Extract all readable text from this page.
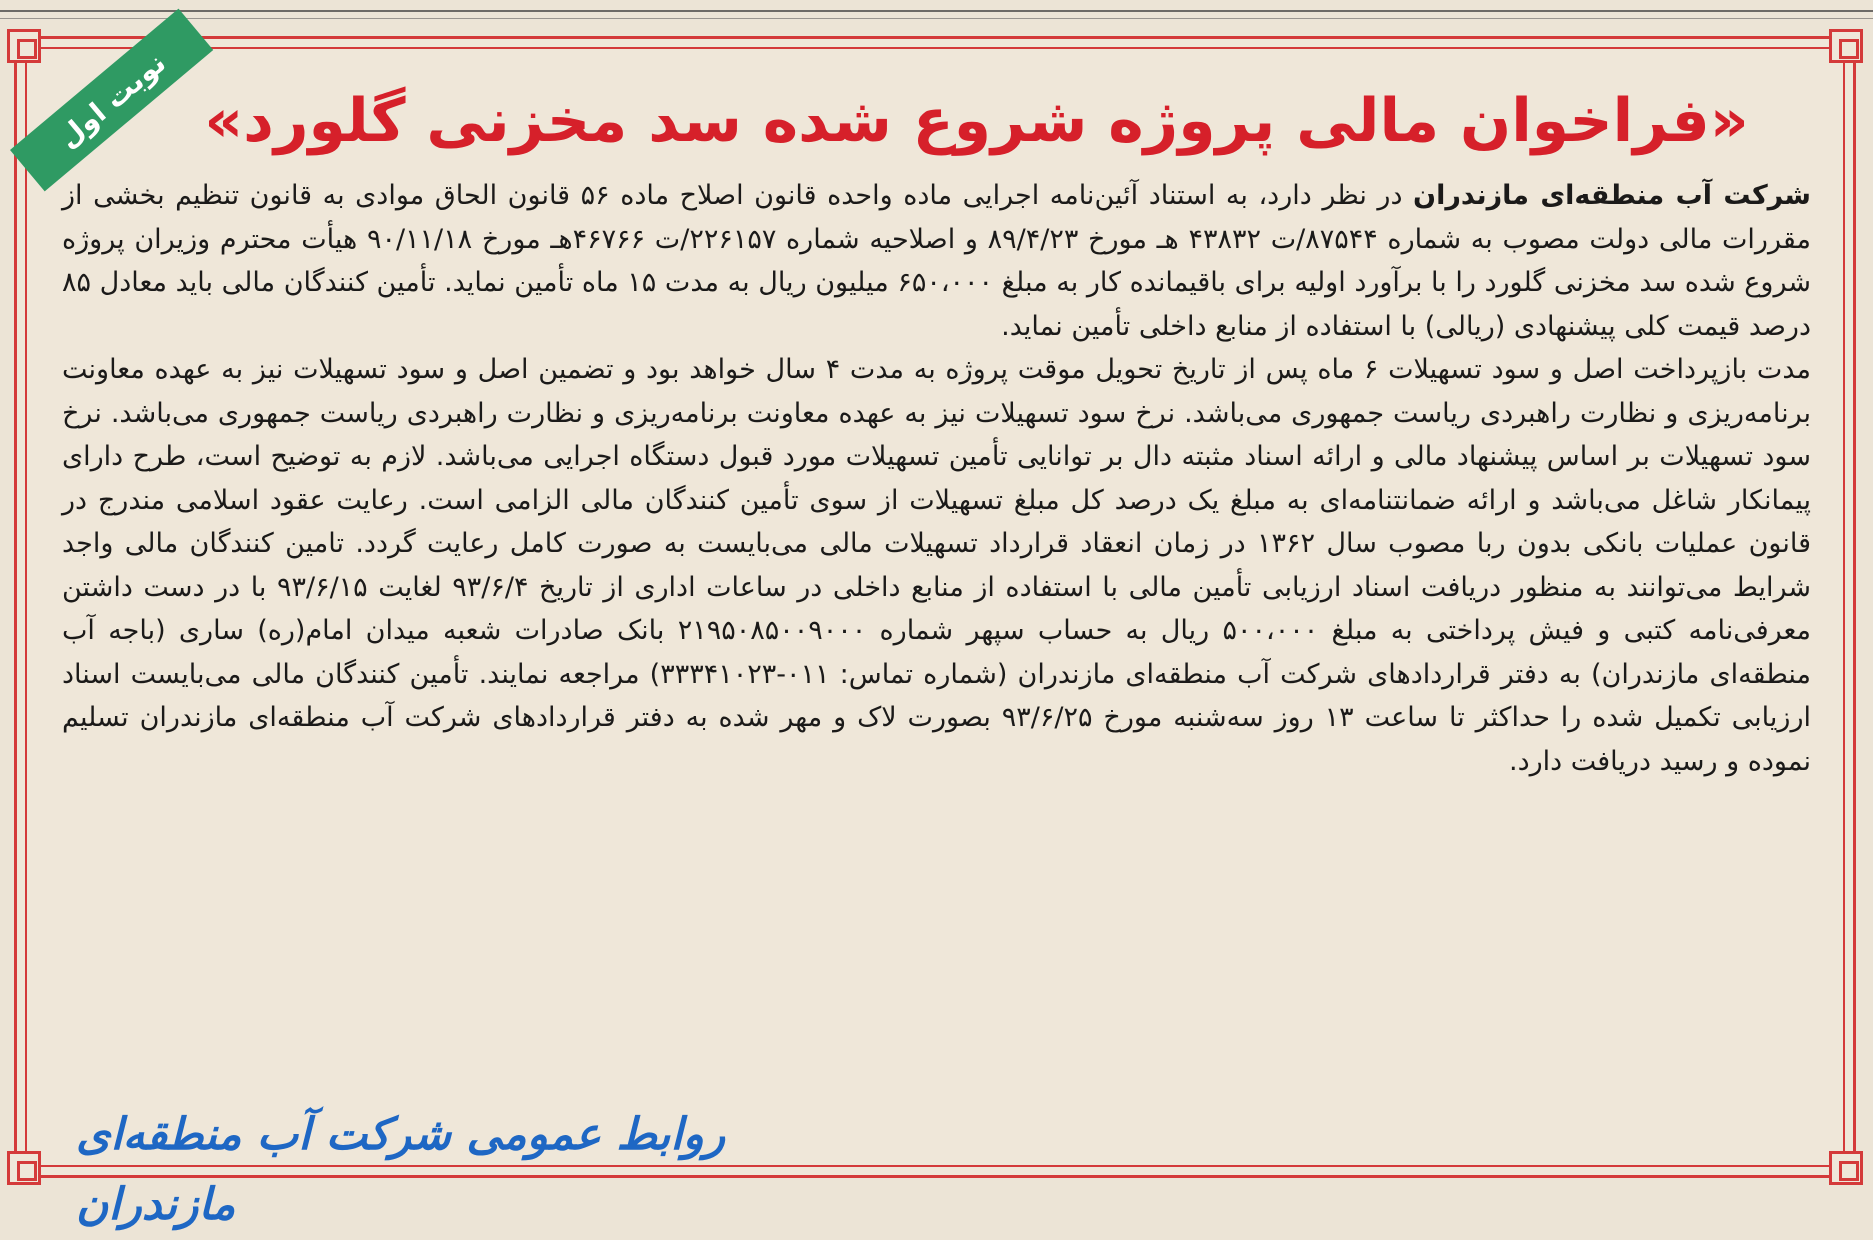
نوبت اول «فراخوان مالی پروژه شروع شده سد مخزنی گلورد»

شرکت آب منطقه‌ای مازندران در نظر دارد، به استناد آئین‌نامه اجرایی ماده واحده قانون اصلاح ماده ۵۶ قانون الحاق موادی به قانون تنظیم بخشی از مقررات مالی دولت مصوب به شماره ۸۷۵۴۴/ت ۴۳۸۳۲ هـ مورخ ۸۹/۴/۲۳ و اصلاحیه شماره ۲۲۶۱۵۷/ت ۴۶۷۶۶هـ مورخ ۹۰/۱۱/۱۸ هیأت محترم وزیران پروژه شروع شده سد مخزنی گلورد را با برآورد اولیه برای باقیمانده کار به مبلغ ۶۵۰،۰۰۰ میلیون ریال به مدت ۱۵ ماه تأمین نماید. تأمین کنندگان مالی باید معادل ۸۵ درصد قیمت کلی پیشنهادی (ریالی) با استفاده از منابع داخلی تأمین نماید.

مدت بازپرداخت اصل و سود تسهیلات ۶ ماه پس از تاریخ تحویل موقت پروژه به مدت ۴ سال خواهد بود و تضمین اصل و سود تسهیلات نیز به عهده معاونت برنامه‌ریزی و نظارت راهبردی ریاست جمهوری می‌باشد. نرخ سود تسهیلات نیز به عهده معاونت برنامه‌ریزی و نظارت راهبردی ریاست جمهوری می‌باشد. نرخ سود تسهیلات بر اساس پیشنهاد مالی و ارائه اسناد مثبته دال بر توانایی تأمین تسهیلات مورد قبول دستگاه اجرایی می‌باشد. لازم به توضیح است، طرح دارای پیمانکار شاغل می‌باشد و ارائه ضمانتنامه‌ای به مبلغ یک درصد کل مبلغ تسهیلات از سوی تأمین کنندگان مالی الزامی است. رعایت عقود اسلامی مندرج در قانون عملیات بانکی بدون ربا مصوب سال ۱۳۶۲ در زمان انعقاد قرارداد تسهیلات مالی می‌بایست به صورت کامل رعایت گردد. تامین کنندگان مالی واجد شرایط می‌توانند به منظور دریافت اسناد ارزیابی تأمین مالی با استفاده از منابع داخلی در ساعات اداری از تاریخ ۹۳/۶/۴ لغایت ۹۳/۶/۱۵ با در دست داشتن معرفی‌نامه کتبی و فیش پرداختی به مبلغ ۵۰۰،۰۰۰ ریال به حساب سپهر شماره ۲۱۹۵۰۸۵۰۰۹۰۰۰ بانک صادرات شعبه میدان امام(ره) ساری (باجه آب منطقه‌ای مازندران) به دفتر قراردادهای شرکت آب منطقه‌ای مازندران (شماره تماس: ۰۱۱-۳۳۳۴۱۰۲۳) مراجعه نمایند. تأمین کنندگان مالی می‌بایست اسناد ارزیابی تکمیل شده را حداکثر تا ساعت ۱۳ روز سه‌شنبه مورخ ۹۳/۶/۲۵ بصورت لاک و مهر شده به دفتر قراردادهای شرکت آب منطقه‌ای مازندران تسلیم نموده و رسید دریافت دارد.

روابط عمومی شرکت آب منطقه‌ای مازندران
